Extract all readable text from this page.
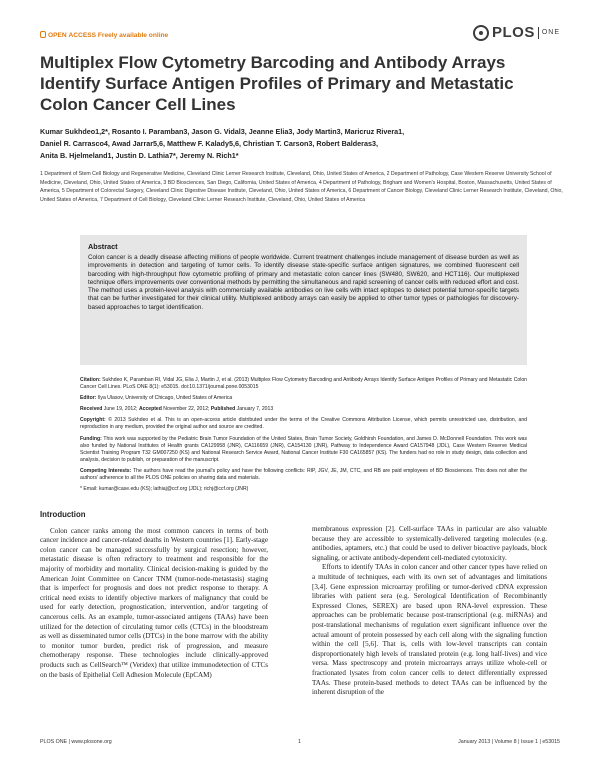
OPEN ACCESS Freely available online	PLOS ONE
Multiplex Flow Cytometry Barcoding and Antibody Arrays Identify Surface Antigen Profiles of Primary and Metastatic Colon Cancer Cell Lines
Kumar Sukhdeo1,2*, Rosanto I. Paramban3, Jason G. Vidal3, Jeanne Elia3, Jody Martin3, Maricruz Rivera1,
Daniel R. Carrasco4, Awad Jarrar5,6, Matthew F. Kalady5,6, Christian T. Carson3, Robert Balderas3,
Anita B. Hjelmeland1, Justin D. Lathia7*, Jeremy N. Rich1*
1 Department of Stem Cell Biology and Regenerative Medicine, Cleveland Clinic Lerner Research Institute, Cleveland, Ohio, United States of America, 2 Department of Pathology, Case Western Reserve University School of Medicine, Cleveland, Ohio, United States of America, 3 BD Biosciences, San Diego, California, United States of America, 4 Department of Pathology, Brigham and Women's Hospital, Boston, Massachusetts, United States of America, 5 Department of Colorectal Surgery, Cleveland Clinic Digestive Disease Institute, Cleveland, Ohio, United States of America, 6 Department of Cancer Biology, Cleveland Clinic Lerner Research Institute, Cleveland, Ohio, United States of America, 7 Department of Cell Biology, Cleveland Clinic Lerner Research Institute, Cleveland, Ohio, United States of America
Abstract

Colon cancer is a deadly disease affecting millions of people worldwide. Current treatment challenges include management of disease burden as well as improvements in detection and targeting of tumor cells. To identify disease state-specific surface antigen signatures, we combined fluorescent cell barcoding with high-throughput flow cytometric profiling of primary and metastatic colon cancer lines (SW480, SW620, and HCT116). Our multiplexed technique offers improvements over conventional methods by permitting the simultaneous and rapid screening of cancer cells with reduced effort and cost. The method uses a protein-level analysis with commercially available antibodies on live cells with intact epitopes to detect potential tumor-specific targets that can be further investigated for their clinical utility. Multiplexed antibody arrays can easily be applied to other tumor types or pathologies for discovery-based approaches to target identification.

Citation: Sukhdeo K, Paramban RI, Vidal JG, Elia J, Martin J, et al. (2013) Multiplex Flow Cytometry Barcoding and Antibody Arrays Identify Surface Antigen Profiles of Primary and Metastatic Colon Cancer Cell Lines. PLoS ONE 8(1): e53015. doi:10.1371/journal.pone.0053015
Editor: Ilya Ulasov, University of Chicago, United States of America
Received June 19, 2012; Accepted November 22, 2012; Published January 7, 2013
Copyright: © 2013 Sukhdeo et al. This is an open-access article distributed under the terms of the Creative Commons Attribution License, which permits unrestricted use, distribution, and reproduction in any medium, provided the original author and source are credited.
Funding: This work was supported by the Pediatric Brain Tumor Foundation of the United States, Brain Tumor Society, Goldhirsh Foundation, and James D. McDonnell Foundation. This work was also funded by National Institutes of Health grants CA129958 (JNR), CA116659 (JNR), CA154130 (JNR), Pathway to Independence Award CA157948 (JDL), Case Western Reserve Medical Scientist Training Program T32 GM007250 (KS) and National Research Service Award, National Cancer Institute F30 CA165857 (KS). The funders had no role in study design, data collection and analysis, decision to publish, or preparation of the manuscript.
Competing Interests: The authors have read the journal's policy and have the following conflicts: RIP, JGV, JE, JM, CTC, and RB are paid employees of BD Biosciences. This does not alter the authors' adherence to all the PLOS ONE policies on sharing data and materials.
* Email: kumar@case.edu (KS); lathiaj@ccf.org (JDL); richj@ccf.org (JNR)
Introduction

Colon cancer ranks among the most common cancers in terms of both cancer incidence and cancer-related deaths in Western countries [1]. Early-stage colon cancer can be managed successfully by surgical resection; however, metastatic disease is often refractory to treatment and responsible for the majority of morbidity and mortality. Clinical decision-making is guided by the American Joint Committee on Cancer TNM (tumor-node-metastasis) staging that is imperfect for prognosis and does not predict response to therapy. A critical need exists to identify objective markers of malignancy that could be used for early detection, prognostication, intervention, and/or targeting of cancerous cells. As an example, tumor-associated antigens (TAAs) have been utilized for the detection of circulating tumor cells (CTCs) in the bloodstream as well as disseminated tumor cells (DTCs) in the bone marrow with the ability to monitor tumor burden, predict risk of progression, and measure chemotherapy response. These technologies include clinically-approved products such as CellSearch™ (Veridex) that utilize immunodetection of CTCs on the basis of Epithelial Cell Adhesion Molecule (EpCAM)

membranous expression [2]. Cell-surface TAAs in particular are also valuable because they are accessible to systemically-delivered targeting molecules (e.g. antibodies, aptamers, etc.) that could be used to deliver bioactive payloads, block signaling, or activate antibody-dependent cell-mediated cytotoxicity.

Efforts to identify TAAs in colon cancer and other cancer types have relied on a multitude of techniques, each with its own set of advantages and limitations [3,4]. Gene expression microarray profiling or tumor-derived cDNA expression libraries with patient sera (e.g. Serological Identification of Recombinantly Expressed Clones, SEREX) are based upon RNA-level expression. These approaches can be problematic because post-transcriptional (e.g. miRNAs) and post-translational mechanisms of regulation exert significant influence over the actual amount of protein possessed by each cell along with the signaling function within the cell [5,6]. That is, cells with low-level transcripts can contain disproportionately high levels of translated protein (e.g. long half-lives) and vice versa. Mass spectroscopy and protein microarrays arrays utilize whole-cell or fractionated lysates from colon cancer cells to detect differentially expressed TAAs. These protein-based methods to detect TAAs can be influenced by the inherent disruption of the

PLOS ONE | www.plosone.org	1	January 2013 | Volume 8 | Issue 1 | e53015
